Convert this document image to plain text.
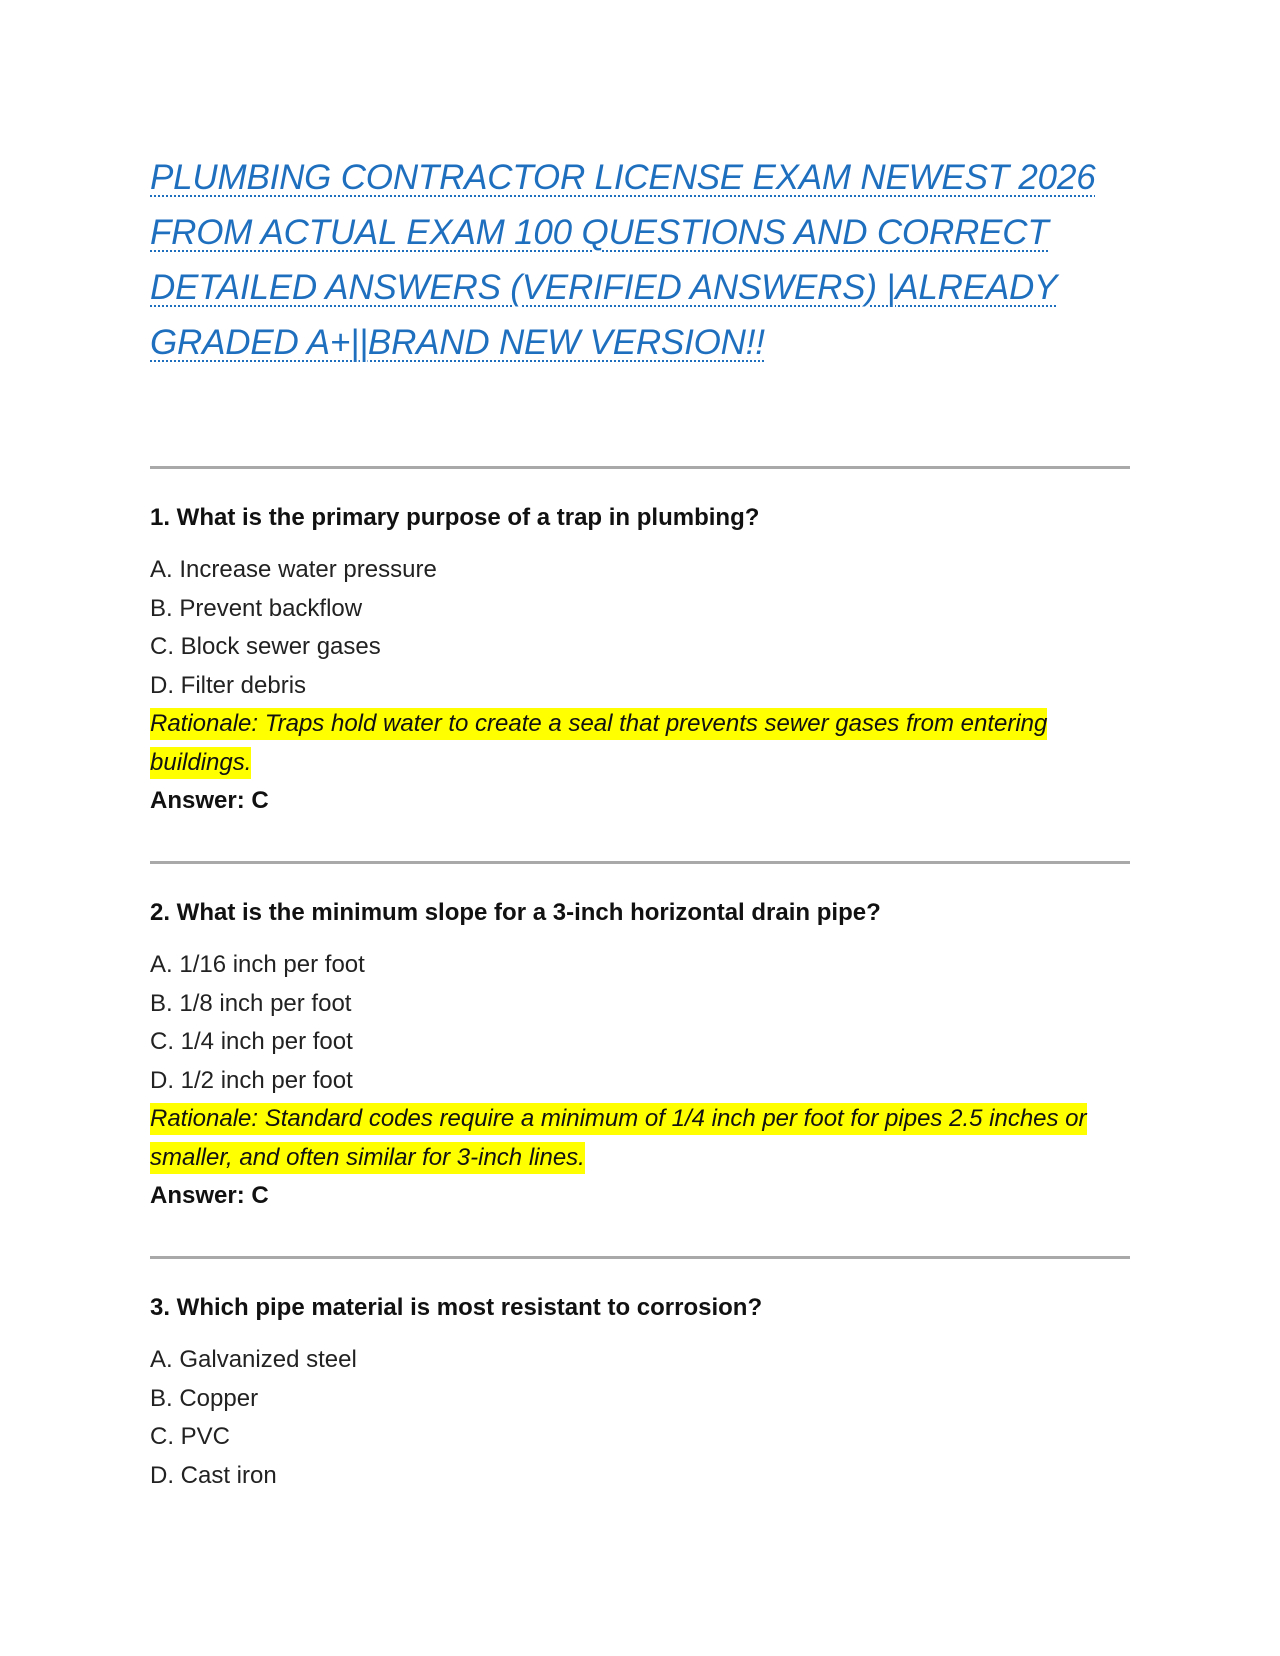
PLUMBING CONTRACTOR LICENSE EXAM NEWEST 2026 FROM ACTUAL EXAM 100 QUESTIONS AND CORRECT DETAILED ANSWERS (VERIFIED ANSWERS) |ALREADY GRADED A+||BRAND NEW VERSION!!
1. What is the primary purpose of a trap in plumbing?
A. Increase water pressure
B. Prevent backflow
C. Block sewer gases
D. Filter debris

Rationale: Traps hold water to create a seal that prevents sewer gases from entering buildings.

Answer: C

2. What is the minimum slope for a 3-inch horizontal drain pipe?
A. 1/16 inch per foot
B. 1/8 inch per foot
C. 1/4 inch per foot
D. 1/2 inch per foot

Rationale: Standard codes require a minimum of 1/4 inch per foot for pipes 2.5 inches or smaller, and often similar for 3-inch lines.

Answer: C

3. Which pipe material is most resistant to corrosion?
A. Galvanized steel
B. Copper
C. PVC
D. Cast iron
